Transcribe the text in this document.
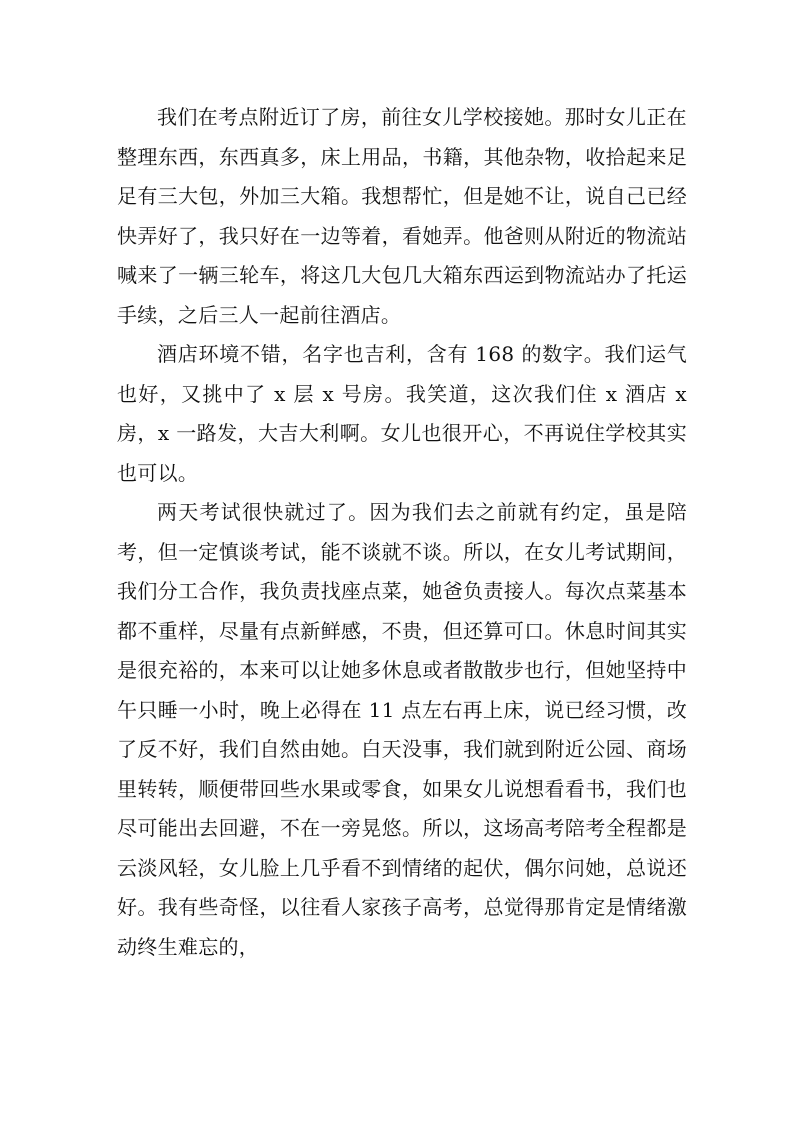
我们在考点附近订了房，前往女儿学校接她。那时女儿正在整理东西，东西真多，床上用品，书籍，其他杂物，收拾起来足足有三大包，外加三大箱。我想帮忙，但是她不让，说自己已经快弄好了，我只好在一边等着，看她弄。他爸则从附近的物流站喊来了一辆三轮车，将这几大包几大箱东西运到物流站办了托运手续，之后三人一起前往酒店。

酒店环境不错，名字也吉利，含有 168 的数字。我们运气也好，又挑中了 x 层 x 号房。我笑道，这次我们住 x 酒店 x 房，x 一路发，大吉大利啊。女儿也很开心，不再说住学校其实也可以。

两天考试很快就过了。因为我们去之前就有约定，虽是陪考，但一定慎谈考试，能不谈就不谈。所以，在女儿考试期间，我们分工合作，我负责找座点菜，她爸负责接人。每次点菜基本都不重样，尽量有点新鲜感，不贵，但还算可口。休息时间其实是很充裕的，本来可以让她多休息或者散散步也行，但她坚持中午只睡一小时，晚上必得在 11 点左右再上床，说已经习惯，改了反不好，我们自然由她。白天没事，我们就到附近公园、商场里转转，顺便带回些水果或零食，如果女儿说想看看书，我们也尽可能出去回避，不在一旁晃悠。所以，这场高考陪考全程都是云淡风轻，女儿脸上几乎看不到情绪的起伏，偶尔问她，总说还好。我有些奇怪，以往看人家孩子高考，总觉得那肯定是情绪激动终生难忘的，
